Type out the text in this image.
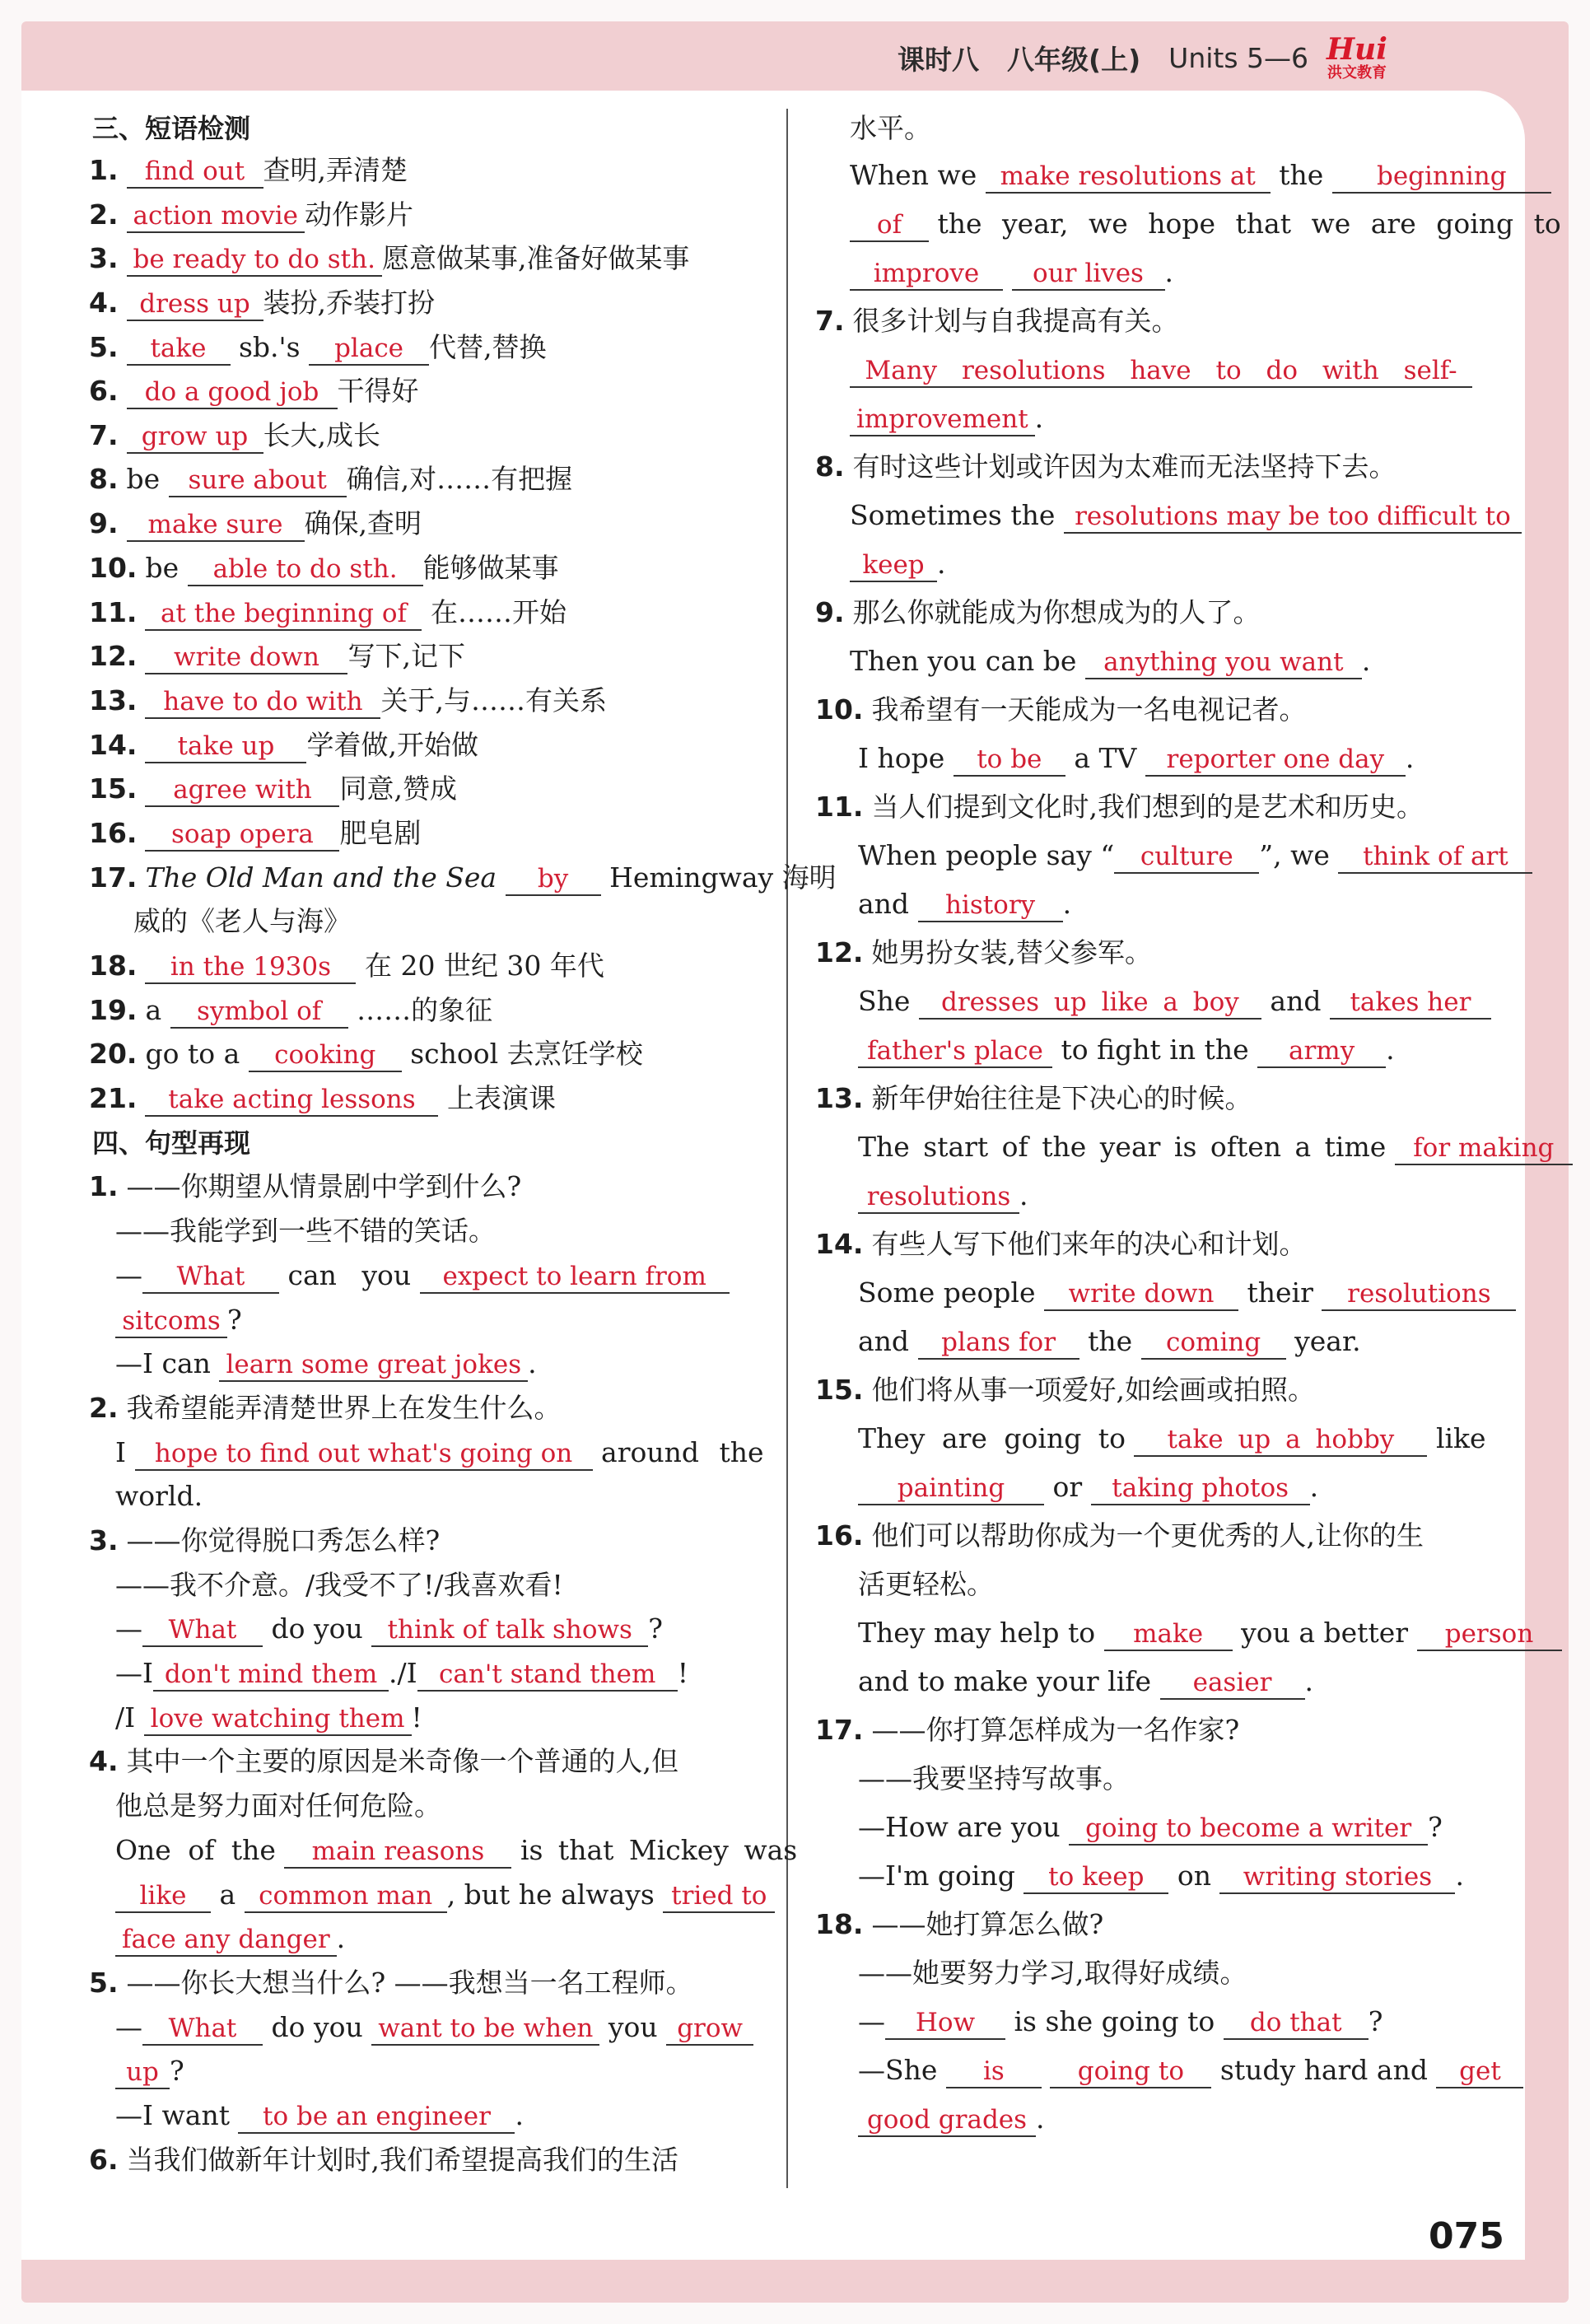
课时八 八年级(上) Units 5—6 Hui
洪文教育
三、短语检测
1. find out 查明,弄清楚
2. action movie 动作影片
3. be ready to do sth. 愿意做某事,准备好做某事
4. dress up 装扮,乔装打扮
5. take sb.'s place 代替,替换
6. do a good job 干得好
7. grow up 长大,成长
8. be sure about 确信,对……有把握
9. make sure 确保,查明
10. be able to do sth. 能够做某事
11. at the beginning of 在……开始
12. write down 写下,记下
13. have to do with 关于,与……有关系
14. take up 学着做,开始做
15. agree with 同意,赞成
16. soap opera 肥皂剧
17. The Old Man and the Sea by Hemingway 海明
威的《老人与海》
18. in the 1930s 在 20 世纪 30 年代
19. a symbol of ……的象征
20. go to a cooking school 去烹饪学校
21. take acting lessons 上表演课
四、句型再现
1. ——你期望从情景剧中学到什么?
——我能学到一些不错的笑话。
— What can you expect to learn from
sitcoms ?
—I can learn some great jokes .
2. 我希望能弄清楚世界上在发生什么。
I hope to find out what's going on around the
world.
3. ——你觉得脱口秀怎么样?
——我不介意。/我受不了!/我喜欢看!
— What do you think of talk shows ?
—I don't mind them ./I can't stand them !
/I love watching them !
4. 其中一个主要的原因是米奇像一个普通的人,但
他总是努力面对任何危险。
One of the main reasons is that Mickey was
like a common man , but he always tried to
face any danger .
5. ——你长大想当什么? ——我想当一名工程师。
— What do you want to be when you grow
up ?
—I want to be an engineer .
6. 当我们做新年计划时,我们希望提高我们的生活
水平。
When we make resolutions at the beginning
of the year, we hope that we are going to
improve our lives .
7. 很多计划与自我提高有关。
Many resolutions have to do with self-
improvement .
8. 有时这些计划或许因为太难而无法坚持下去。
Sometimes the resolutions may be too difficult to
keep .
9. 那么你就能成为你想成为的人了。
Then you can be anything you want .
10. 我希望有一天能成为一名电视记者。
I hope to be a TV reporter one day .
11. 当人们提到文化时,我们想到的是艺术和历史。
When people say “ culture ”, we think of art
and history .
12. 她男扮女装,替父参军。
She dresses up like a boy and takes her
father's place to fight in the army .
13. 新年伊始往往是下决心的时候。
The start of the year is often a time for making
resolutions .
14. 有些人写下他们来年的决心和计划。
Some people write down their resolutions
and plans for the coming year.
15. 他们将从事一项爱好,如绘画或拍照。
They are going to take up a hobby like
painting or taking photos .
16. 他们可以帮助你成为一个更优秀的人,让你的生
活更轻松。
They may help to make you a better person
and to make your life easier .
17. ——你打算怎样成为一名作家?
——我要坚持写故事。
—How are you going to become a writer ?
—I'm going to keep on writing stories .
18. ——她打算怎么做?
——她要努力学习,取得好成绩。
— How is she going to do that ?
—She is	going to study hard and get
good grades .
075
